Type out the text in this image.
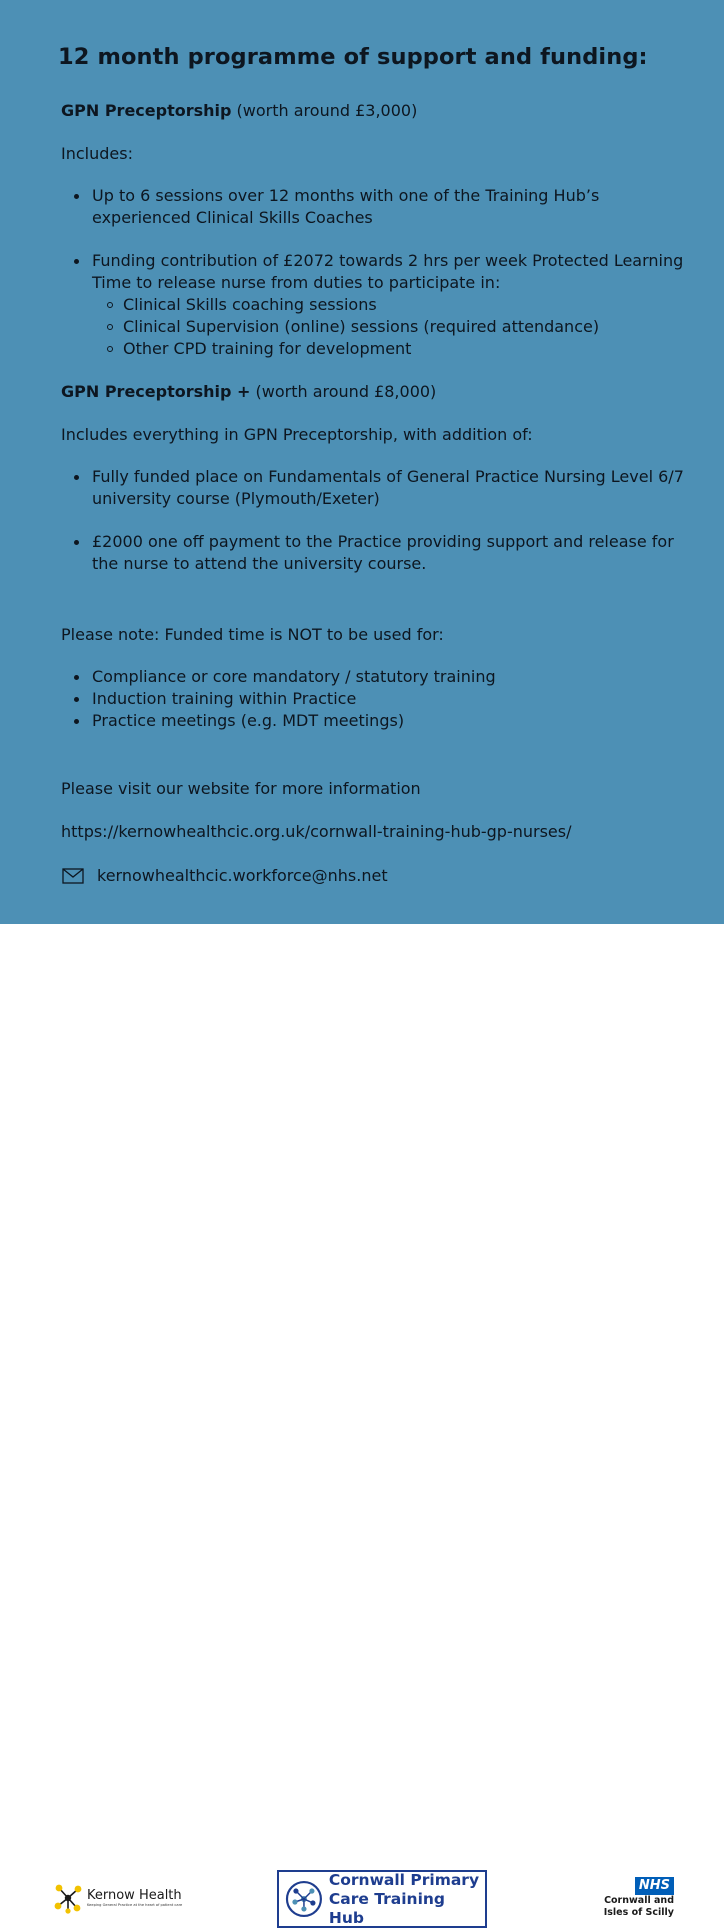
12 month programme of support and funding:

GPN Preceptorship (worth around £3,000)

Includes:

Up to 6 sessions over 12 months with one of the Training Hub’s experienced Clinical Skills Coaches
Funding contribution of £2072 towards 2 hrs per week Protected Learning Time to release nurse from duties to participate in:
Clinical Skills coaching sessions
Clinical Supervision (online) sessions (required attendance)
Other CPD training for development

GPN Preceptorship + (worth around £8,000)

Includes everything in GPN Preceptorship, with addition of:

Fully funded place on Fundamentals of General Practice Nursing Level 6/7 university course (Plymouth/Exeter)
£2000 one off payment to the Practice providing support and release for the nurse to attend the university course.

Please note: Funded time is NOT to be used for:

Compliance or core mandatory / statutory training
Induction training within Practice
Practice meetings (e.g. MDT meetings)

Please visit our website for more information

https://kernowhealthcic.org.uk/cornwall-training-hub-gp-nurses/

kernowhealthcic.workforce@nhs.net
Kernow Health
Keeping General Practice at the heart of patient care
Cornwall Primary
Care Training Hub
NHS
Cornwall and
Isles of Scilly
